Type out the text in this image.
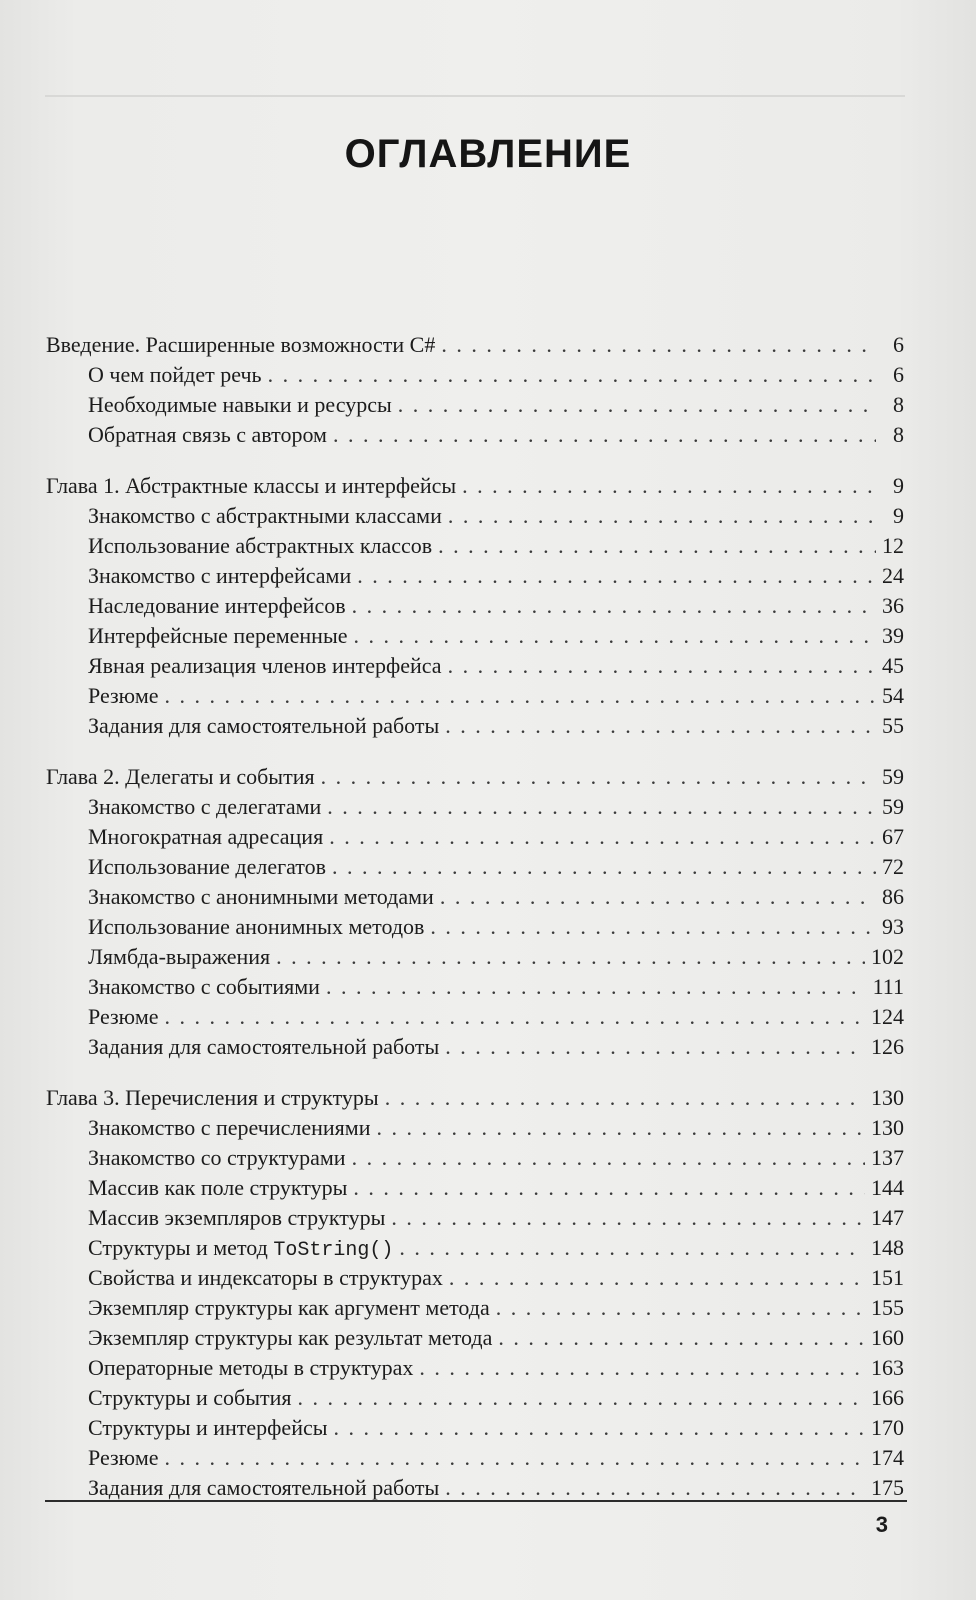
ОГЛАВЛЕНИЕ
Введение. Расширенные возможности C# . . .	6
О чем пойдет речь . . .	6
Необходимые навыки и ресурсы . . .	8
Обратная связь с автором . . .	8
Глава 1. Абстрактные классы и интерфейсы . . .	9
Знакомство с абстрактными классами . . .	9
Использование абстрактных классов . . .	12
Знакомство с интерфейсами . . .	24
Наследование интерфейсов . . .	36
Интерфейсные переменные . . .	39
Явная реализация членов интерфейса . . .	45
Резюме . . .	54
Задания для самостоятельной работы . . .	55
Глава 2. Делегаты и события . . .	59
Знакомство с делегатами . . .	59
Многократная адресация . . .	67
Использование делегатов . . .	72
Знакомство с анонимными методами . . .	86
Использование анонимных методов . . .	93
Лямбда-выражения . . .	102
Знакомство с событиями . . .	111
Резюме . . .	124
Задания для самостоятельной работы . . .	126
Глава 3. Перечисления и структуры . . .	130
Знакомство с перечислениями . . .	130
Знакомство со структурами . . .	137
Массив как поле структуры . . .	144
Массив экземпляров структуры . . .	147
Структуры и метод ToString() . . .	148
Свойства и индексаторы в структурах . . .	151
Экземпляр структуры как аргумент метода . . .	155
Экземпляр структуры как результат метода . . .	160
Операторные методы в структурах . . .	163
Структуры и события . . .	166
Структуры и интерфейсы . . .	170
Резюме . . .	174
Задания для самостоятельной работы . . .	175
3
